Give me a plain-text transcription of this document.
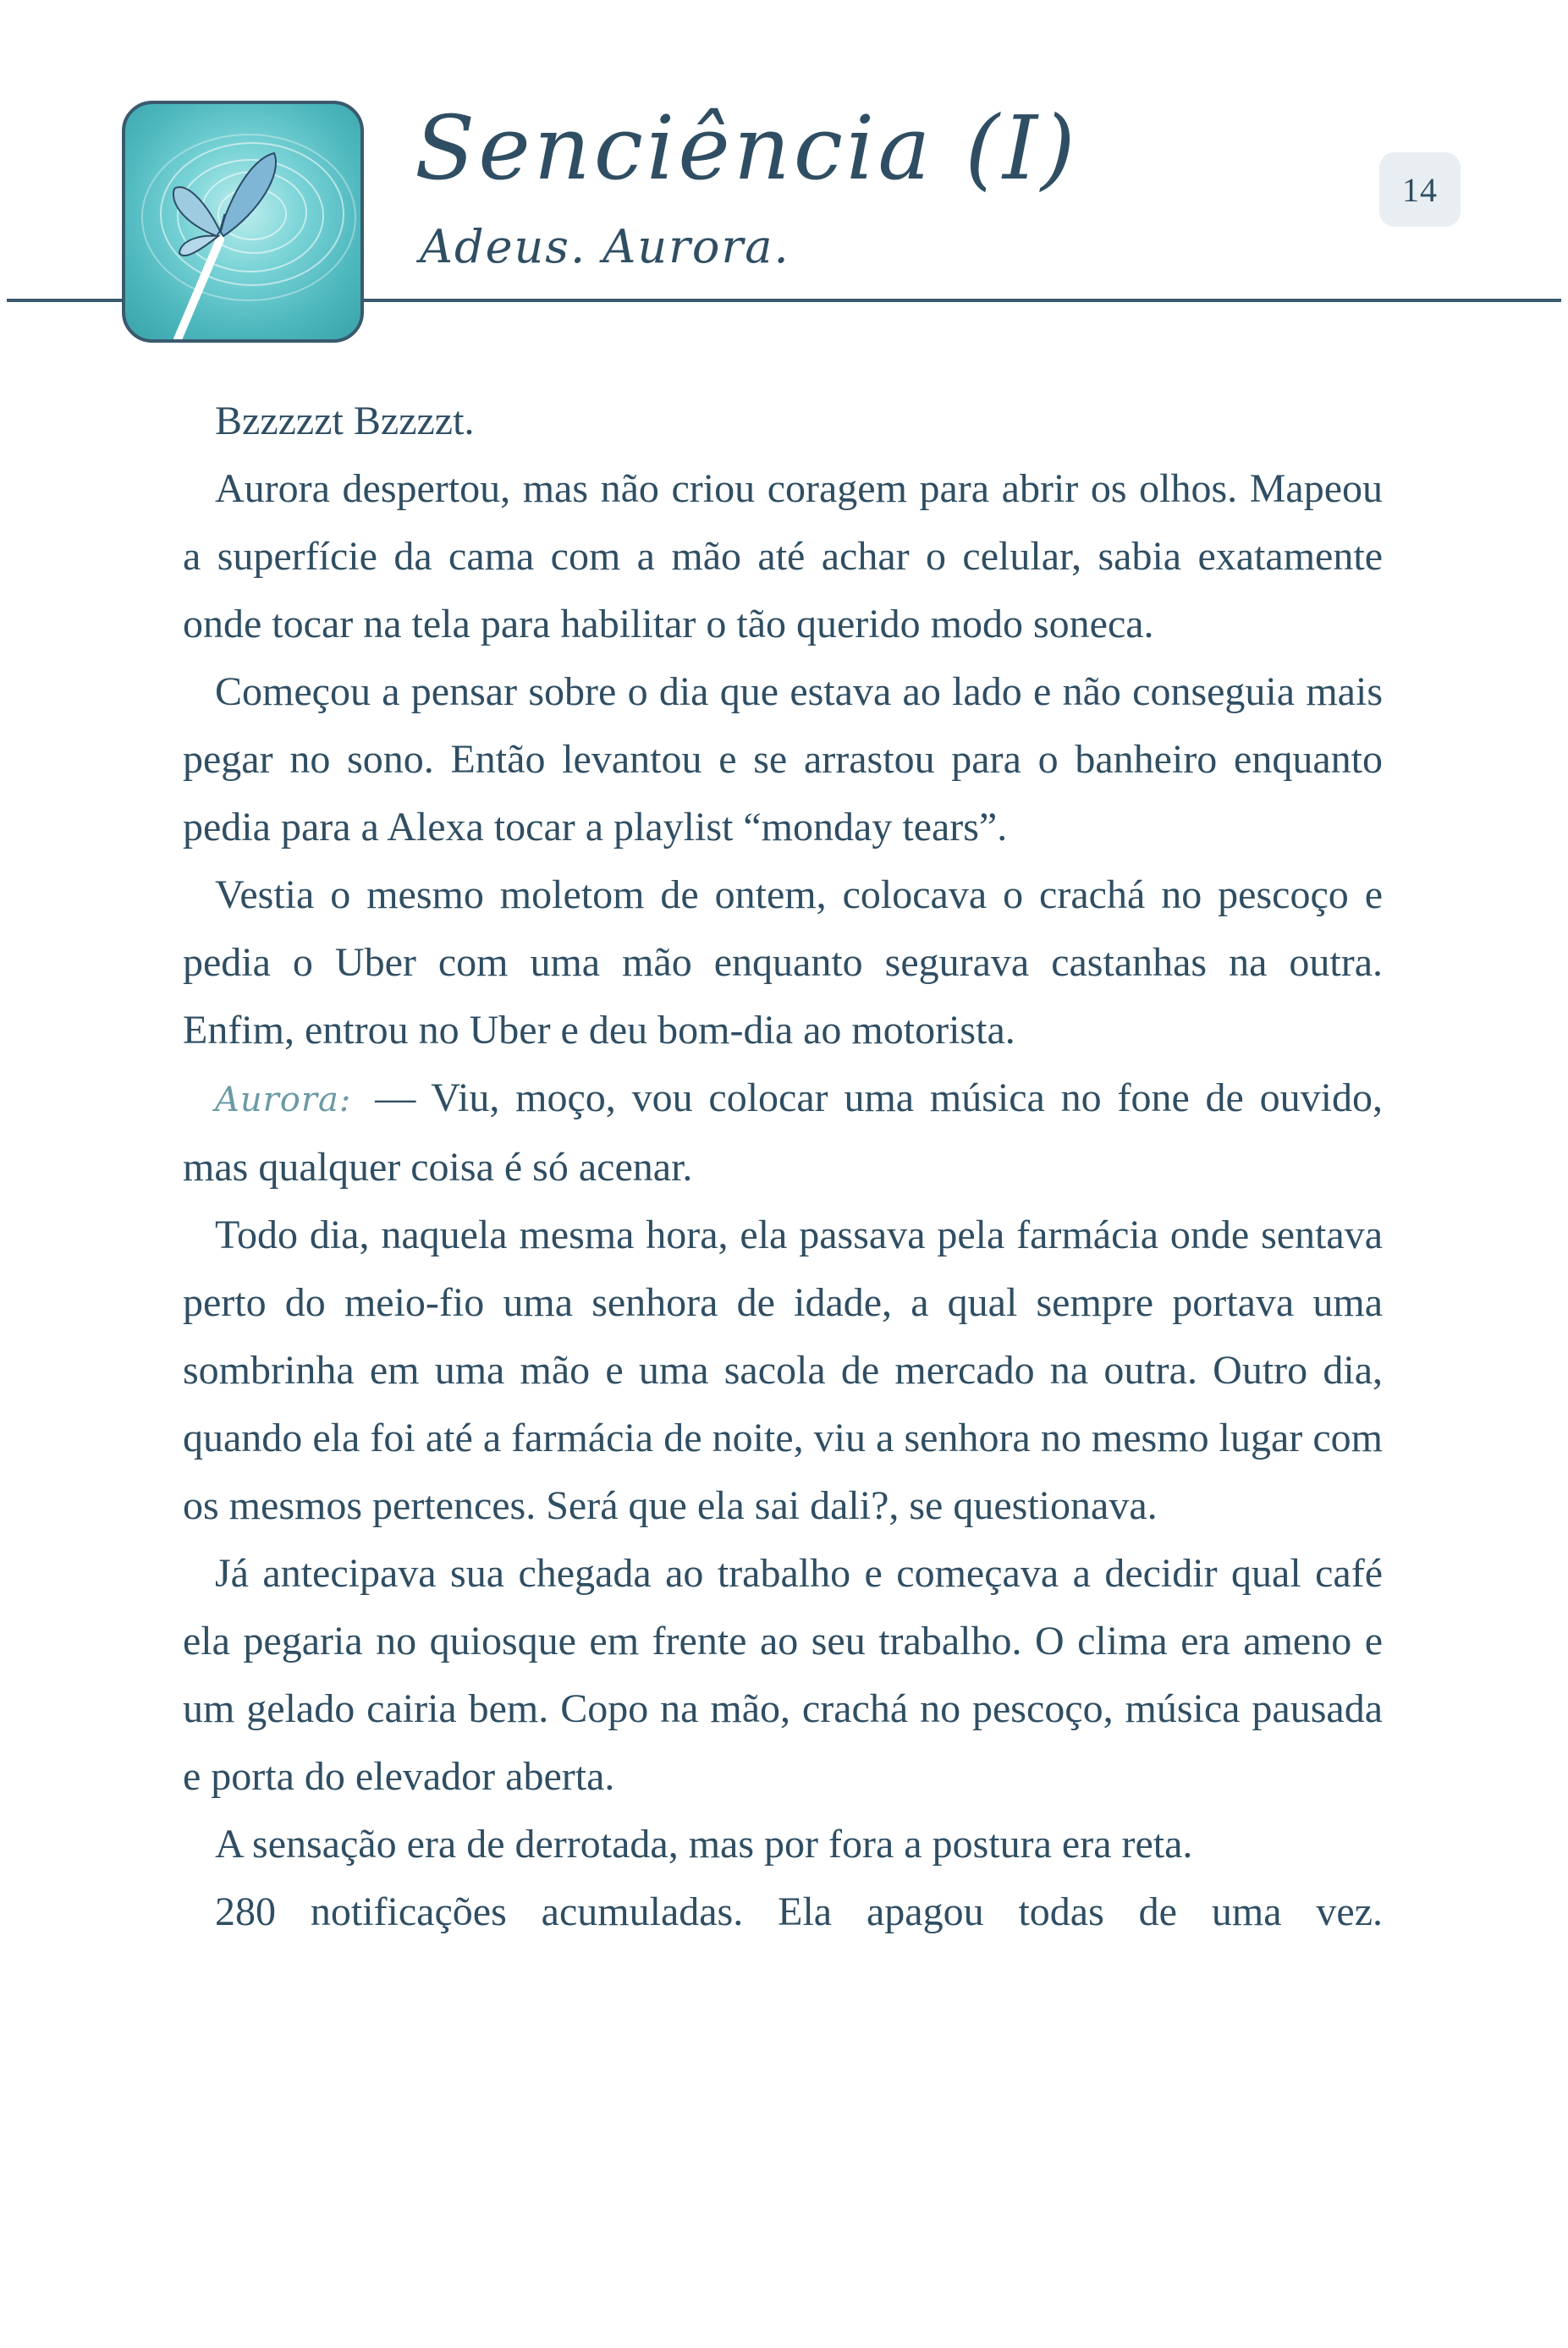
Senciência (I)
Adeus. Aurora.
14

Bzzzzzt Bzzzzt.

Aurora despertou, mas não criou coragem para abrir os olhos. Mapeou a superfície da cama com a mão até achar o celular, sabia exatamente onde tocar na tela para habilitar o tão querido modo soneca.

Começou a pensar sobre o dia que estava ao lado e não conseguia mais pegar no sono. Então levantou e se arrastou para o banheiro enquanto pedia para a Alexa tocar a playlist “monday tears”.

Vestia o mesmo moletom de ontem, colocava o crachá no pescoço e pedia o Uber com uma mão enquanto segurava castanhas na outra. Enfim, entrou no Uber e deu bom-dia ao motorista.

Aurora: — Viu, moço, vou colocar uma música no fone de ouvido, mas qualquer coisa é só acenar.

Todo dia, naquela mesma hora, ela passava pela farmácia onde sentava perto do meio-fio uma senhora de idade, a qual sempre portava uma sombrinha em uma mão e uma sacola de mercado na outra. Outro dia, quando ela foi até a farmácia de noite, viu a senhora no mesmo lugar com os mesmos pertences. Será que ela sai dali?, se questionava.

Já antecipava sua chegada ao trabalho e começava a decidir qual café ela pegaria no quiosque em frente ao seu trabalho. O clima era ameno e um gelado cairia bem. Copo na mão, crachá no pescoço, música pausada e porta do elevador aberta.

A sensação era de derrotada, mas por fora a postura era reta.

280 notificações acumuladas. Ela apagou todas de uma vez.
